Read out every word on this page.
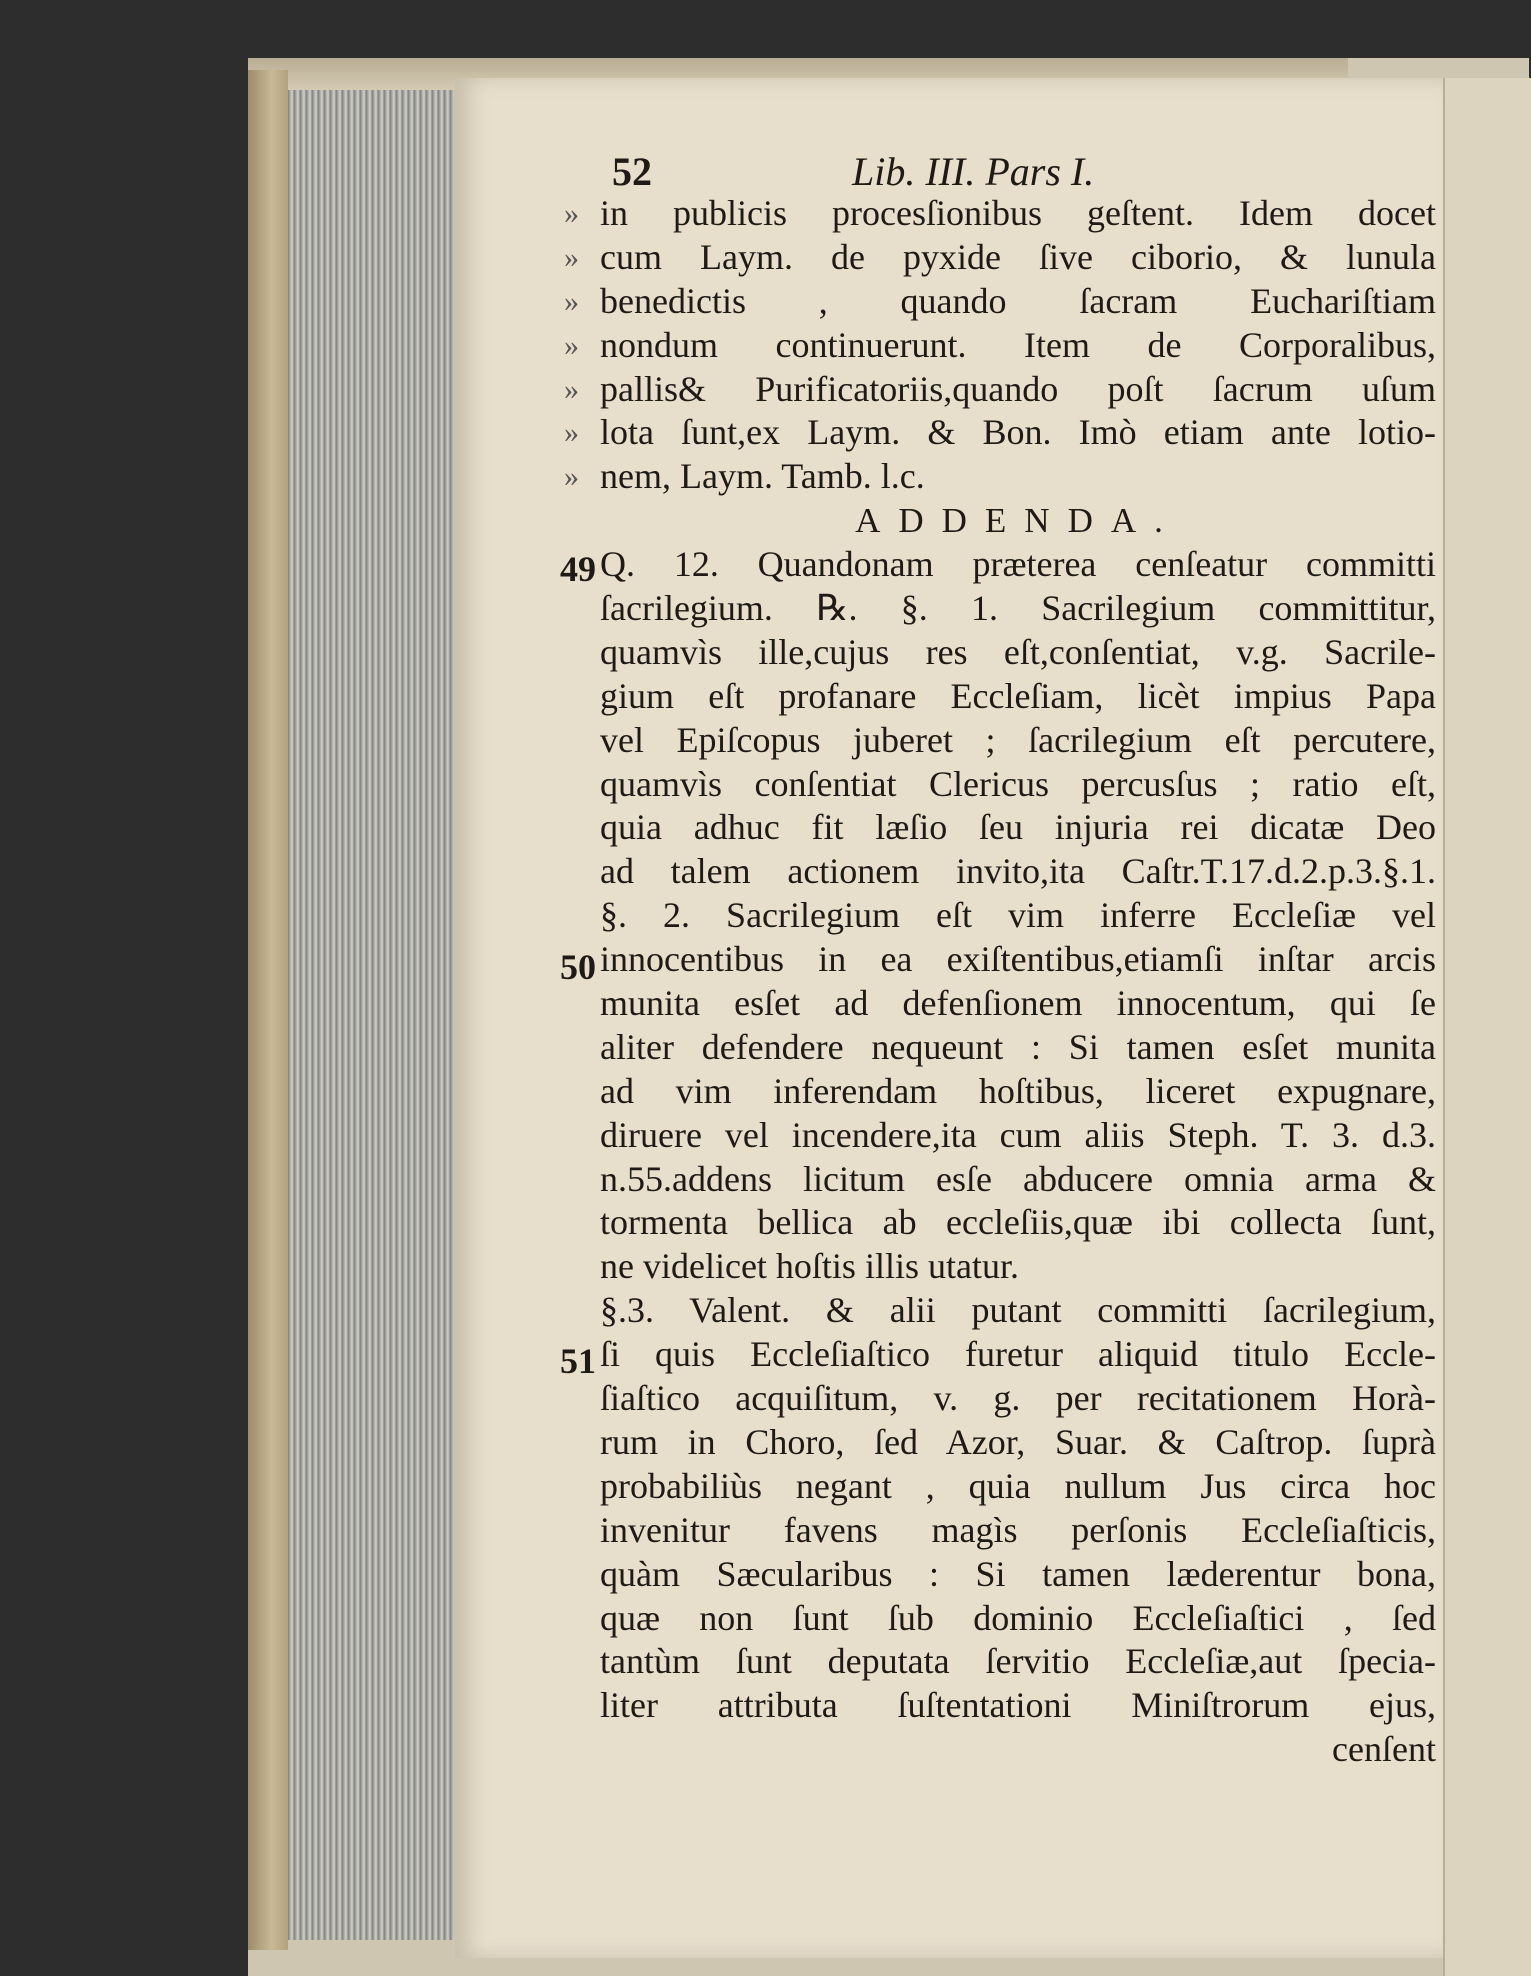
52	Lib. III. Pars I.
49
50
51
» in publicis procesſionibus geſtent. Idem docet
» cum Laym. de pyxide ſive ciborio, & lunula
» benedictis , quando ſacram Euchariſtiam
» nondum continuerunt. Item de Corporalibus,
» pallis& Purificatoriis,quando poſt ſacrum uſum
» lota ſunt,ex Laym. & Bon. Imò etiam ante lotio-
» nem, Laym. Tamb. l.c.
ADDENDA.
Q. 12. Quandonam præterea cenſeatur committi
ſacrilegium. ℞. §. 1. Sacrilegium committitur,
quamvìs ille,cujus res eſt,conſentiat, v.g. Sacrile-
gium eſt profanare Eccleſiam, licèt impius Papa
vel Epiſcopus juberet ; ſacrilegium eſt percutere,
quamvìs conſentiat Clericus percusſus ; ratio eſt,
quia adhuc fit læſio ſeu injuria rei dicatæ Deo
ad talem actionem invito,ita Caſtr.T.17.d.2.p.3.§.1.
§. 2. Sacrilegium eſt vim inferre Eccleſiæ vel
innocentibus in ea exiſtentibus,etiamſi inſtar arcis
munita esſet ad defenſionem innocentum, qui ſe
aliter defendere nequeunt : Si tamen esſet munita
ad vim inferendam hoſtibus, liceret expugnare,
diruere vel incendere,ita cum aliis Steph. T. 3. d.3.
n.55.addens licitum esſe abducere omnia arma &
tormenta bellica ab eccleſiis,quæ ibi collecta ſunt,
ne videlicet hoſtis illis utatur.
§.3. Valent. & alii putant committi ſacrilegium,
ſi quis Eccleſiaſtico furetur aliquid titulo Eccle-
ſiaſtico acquiſitum, v. g. per recitationem Horà-
rum in Choro, ſed Azor, Suar. & Caſtrop. ſuprà
probabiliùs negant , quia nullum Jus circa hoc
invenitur favens magìs perſonis Eccleſiaſticis,
quàm Sæcularibus : Si tamen læderentur bona,
quæ non ſunt ſub dominio Eccleſiaſtici , ſed
tantùm ſunt deputata ſervitio Eccleſiæ,aut ſpecia-
liter attributa ſuſtentationi Miniſtrorum ejus,
cenſent
